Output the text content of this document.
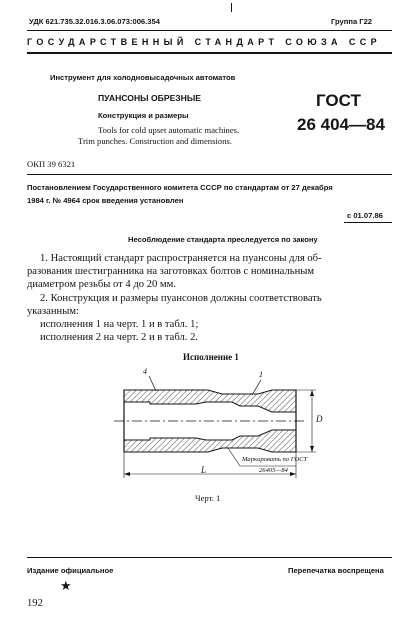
УДК 621.735.32.016.3.06.073:006.354	Группа Г22
ГОСУДАРСТВЕННЫЙ СТАНДАРТ СОЮЗА ССР
Инструмент для холодновысадочных автоматов
ПУАНСОНЫ ОБРЕЗНЫЕ
Конструкция и размеры
Tools for cold upset automatic machines.
Trim punches. Construction and dimensions.
ГОСТ
26 404—84
ОКП 39 6321
Постановлением Государственного комитета СССР по стандартам от 27 декабря
1984 г. № 4964 срок введения установлен
с 01.07.86
Несоблюдение стандарта преследуется по закону
1. Настоящий стандарт распространяется на пуансоны для об-
разования шестигранника на заготовках болтов с номинальным
диаметром резьбы от 4 до 20 мм.
2. Конструкция и размеры пуансонов должны соответствовать
указанным:
исполнения 1 на черт. 1 и в табл. 1;
исполнения 2 на черт. 2 и в табл. 2.
Исполнение 1
4	1
D
L
Маркировать по ГОСТ
26405—84
Черт. 1
Издание официальное	Перепечатка воспрещена
★
192
